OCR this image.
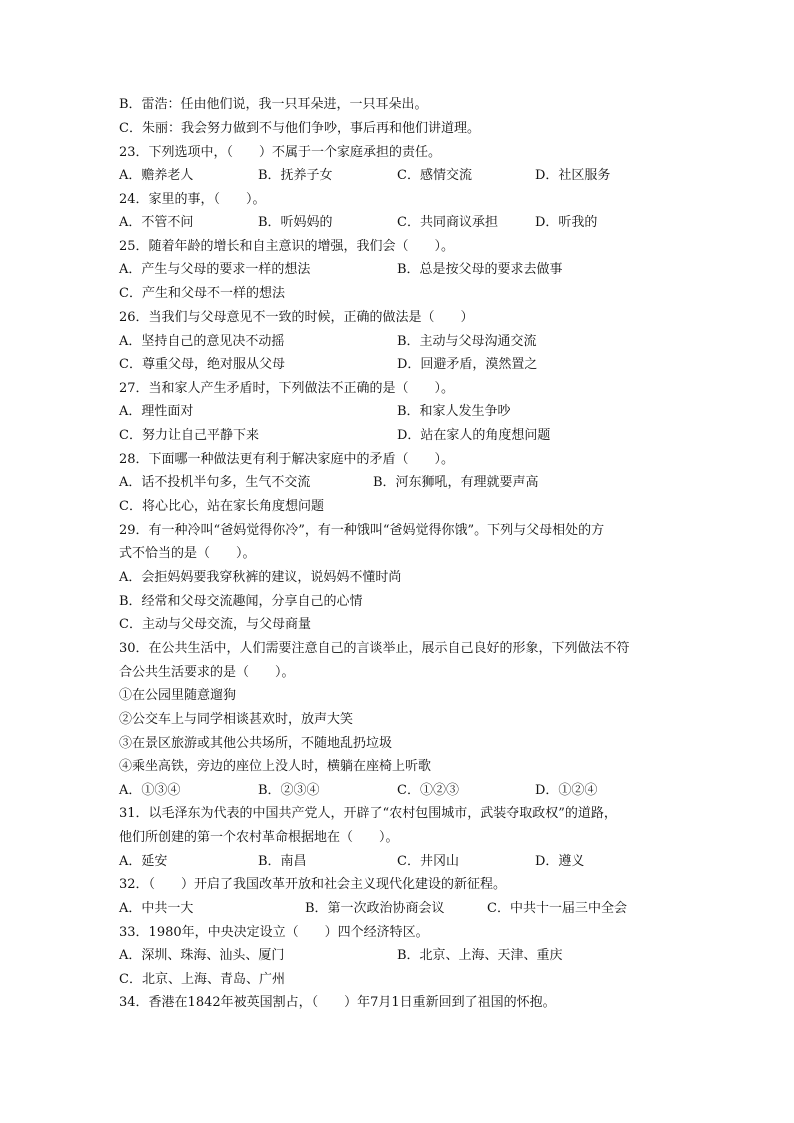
B．雷浩：任由他们说，我一只耳朵进，一只耳朵出。
C．朱丽：我会努力做到不与他们争吵，事后再和他们讲道理。
23．下列选项中，（　　）不属于一个家庭承担的责任。
A．赡养老人	B．抚养子女	C．感情交流	D．社区服务
24．家里的事，（　　）。
A．不管不问	B．听妈妈的	C．共同商议承担	D．听我的
25．随着年龄的增长和自主意识的增强，我们会（　　）。
A．产生与父母的要求一样的想法	B．总是按父母的要求去做事
C．产生和父母不一样的想法
26．当我们与父母意见不一致的时候，正确的做法是（　　）
A．坚持自己的意见决不动摇	B．主动与父母沟通交流
C．尊重父母，绝对服从父母	D．回避矛盾，漠然置之
27．当和家人产生矛盾时，下列做法不正确的是（　　）。
A．理性面对	B．和家人发生争吵
C．努力让自己平静下来	D．站在家人的角度想问题
28．下面哪一种做法更有利于解决家庭中的矛盾（　　）。
A．话不投机半句多，生气不交流	B．河东狮吼，有理就要声高
C．将心比心，站在家长角度想问题
29．有一种冷叫“爸妈觉得你冷”，有一种饿叫“爸妈觉得你饿”。下列与父母相处的方
式不恰当的是（　　）。
A．会拒妈妈要我穿秋裤的建议，说妈妈不懂时尚
B．经常和父母交流趣闻，分享自己的心情
C．主动与父母交流，与父母商量
30．在公共生活中，人们需要注意自己的言谈举止，展示自己良好的形象，下列做法不符
合公共生活要求的是（　　）。
①在公园里随意遛狗
②公交车上与同学相谈甚欢时，放声大笑
③在景区旅游或其他公共场所，不随地乱扔垃圾
④乘坐高铁，旁边的座位上没人时，横躺在座椅上听歌
A．①③④	B．②③④	C．①②③	D．①②④
31．以毛泽东为代表的中国共产党人，开辟了“农村包围城市，武装夺取政权”的道路，
他们所创建的第一个农村革命根据地在（　　）。
A．延安	B．南昌	C．井冈山	D．遵义
32．（　　）开启了我国改革开放和社会主义现代化建设的新征程。
A．中共一大	B．第一次政治协商会议	C．中共十一届三中全会
33．1980年，中央决定设立（　　）四个经济特区。
A．深圳、珠海、汕头、厦门	B．北京、上海、天津、重庆
C．北京、上海、青岛、广州
34．香港在1842年被英国割占，（　　）年7月1日重新回到了祖国的怀抱。
